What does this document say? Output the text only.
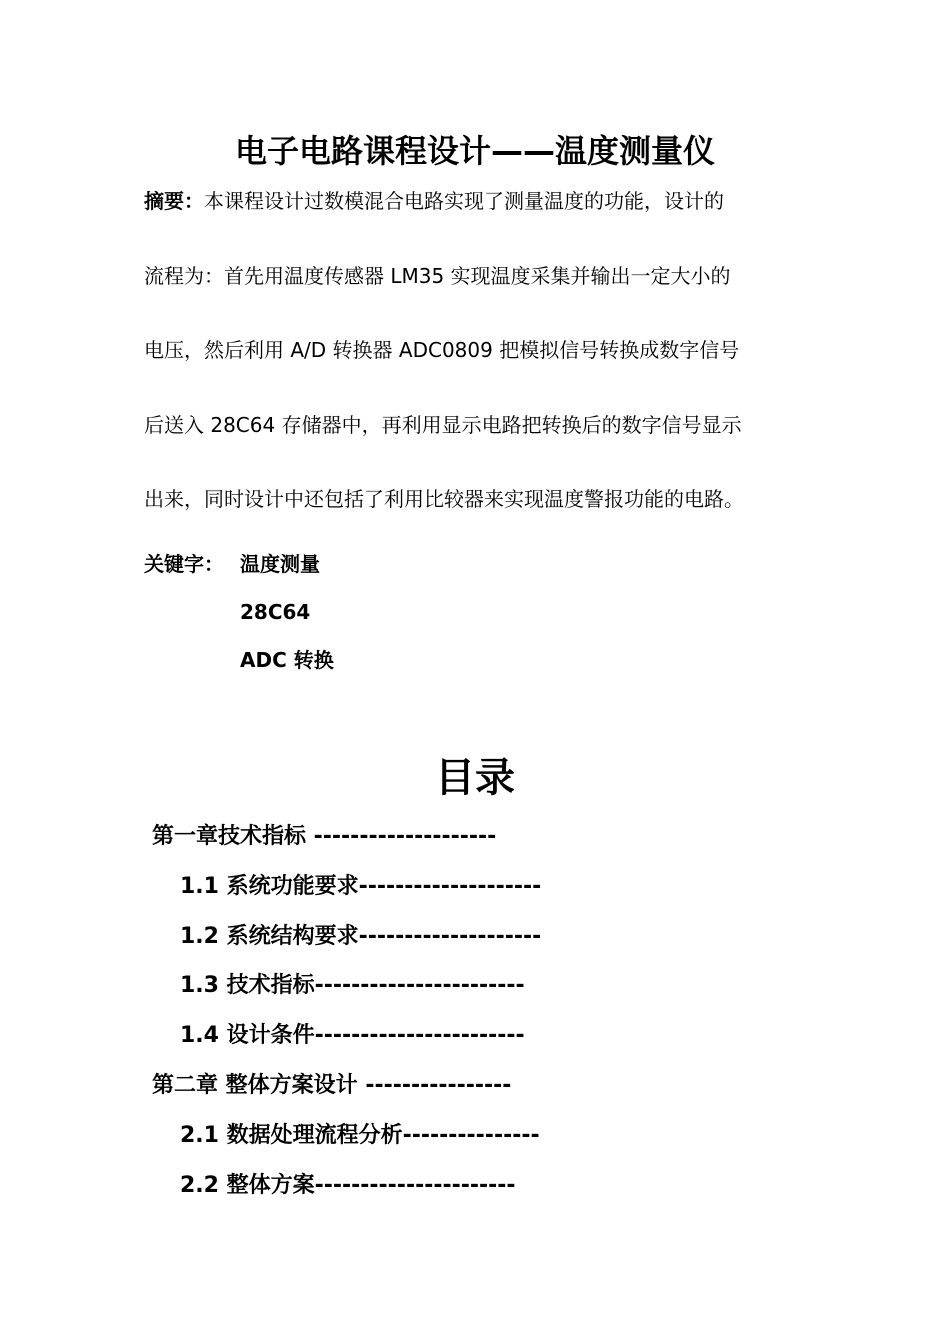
电子电路课程设计——温度测量仪
摘要：本课程设计过数模混合电路实现了测量温度的功能，设计的
流程为：首先用温度传感器 LM35 实现温度采集并输出一定大小的
电压，然后利用 A/D 转换器 ADC0809 把模拟信号转换成数字信号
后送入 28C64 存储器中，再利用显示电路把转换后的数字信号显示
出来，同时设计中还包括了利用比较器来实现温度警报功能的电路。
关键字： 温度测量
28C64
ADC 转换
目录
第一章技术指标 --------------------
1.1 系统功能要求--------------------
1.2 系统结构要求--------------------
1.3 技术指标-----------------------
1.4 设计条件-----------------------
第二章 整体方案设计 ----------------
2.1 数据处理流程分析---------------
2.2 整体方案----------------------
